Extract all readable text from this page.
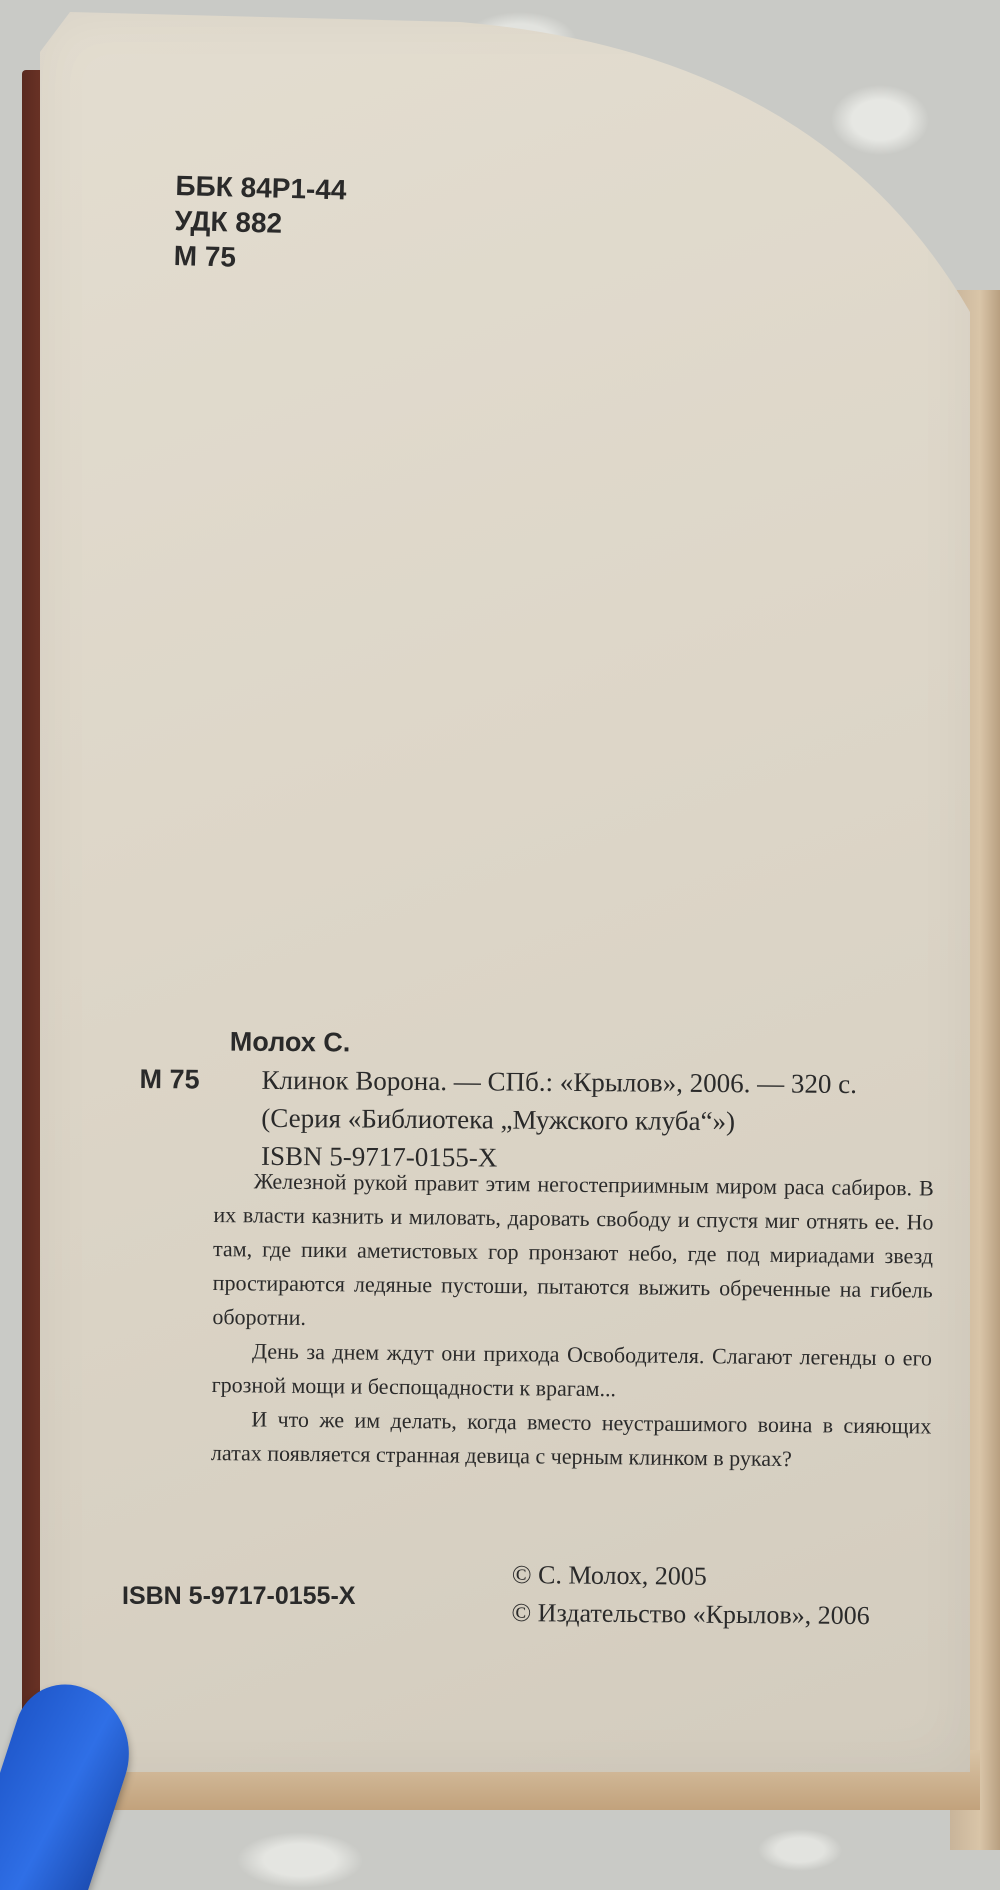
ББК 84Р1-44
УДК 882
М 75
Молох С.
М 75 Клинок Ворона. — СПб.: «Крылов», 2006. — 320 с.
(Серия «Библиотека „Мужского клуба“»)
ISBN 5-9717-0155-Х

Железной рукой правит этим негостеприимным миром раса сабиров. В их власти казнить и миловать, даровать свободу и спустя миг отнять ее. Но там, где пики аметистовых гор пронзают небо, где под мириадами звезд простираются ледяные пустоши, пытаются выжить обреченные на гибель оборотни.

День за днем ждут они прихода Освободителя. Слагают легенды о его грозной мощи и беспощадности к врагам...

И что же им делать, когда вместо неустрашимого воина в сияющих латах появляется странная девица с черным клинком в руках?

ISBN 5-9717-0155-Х
© С. Молох, 2005
© Издательство «Крылов», 2006
